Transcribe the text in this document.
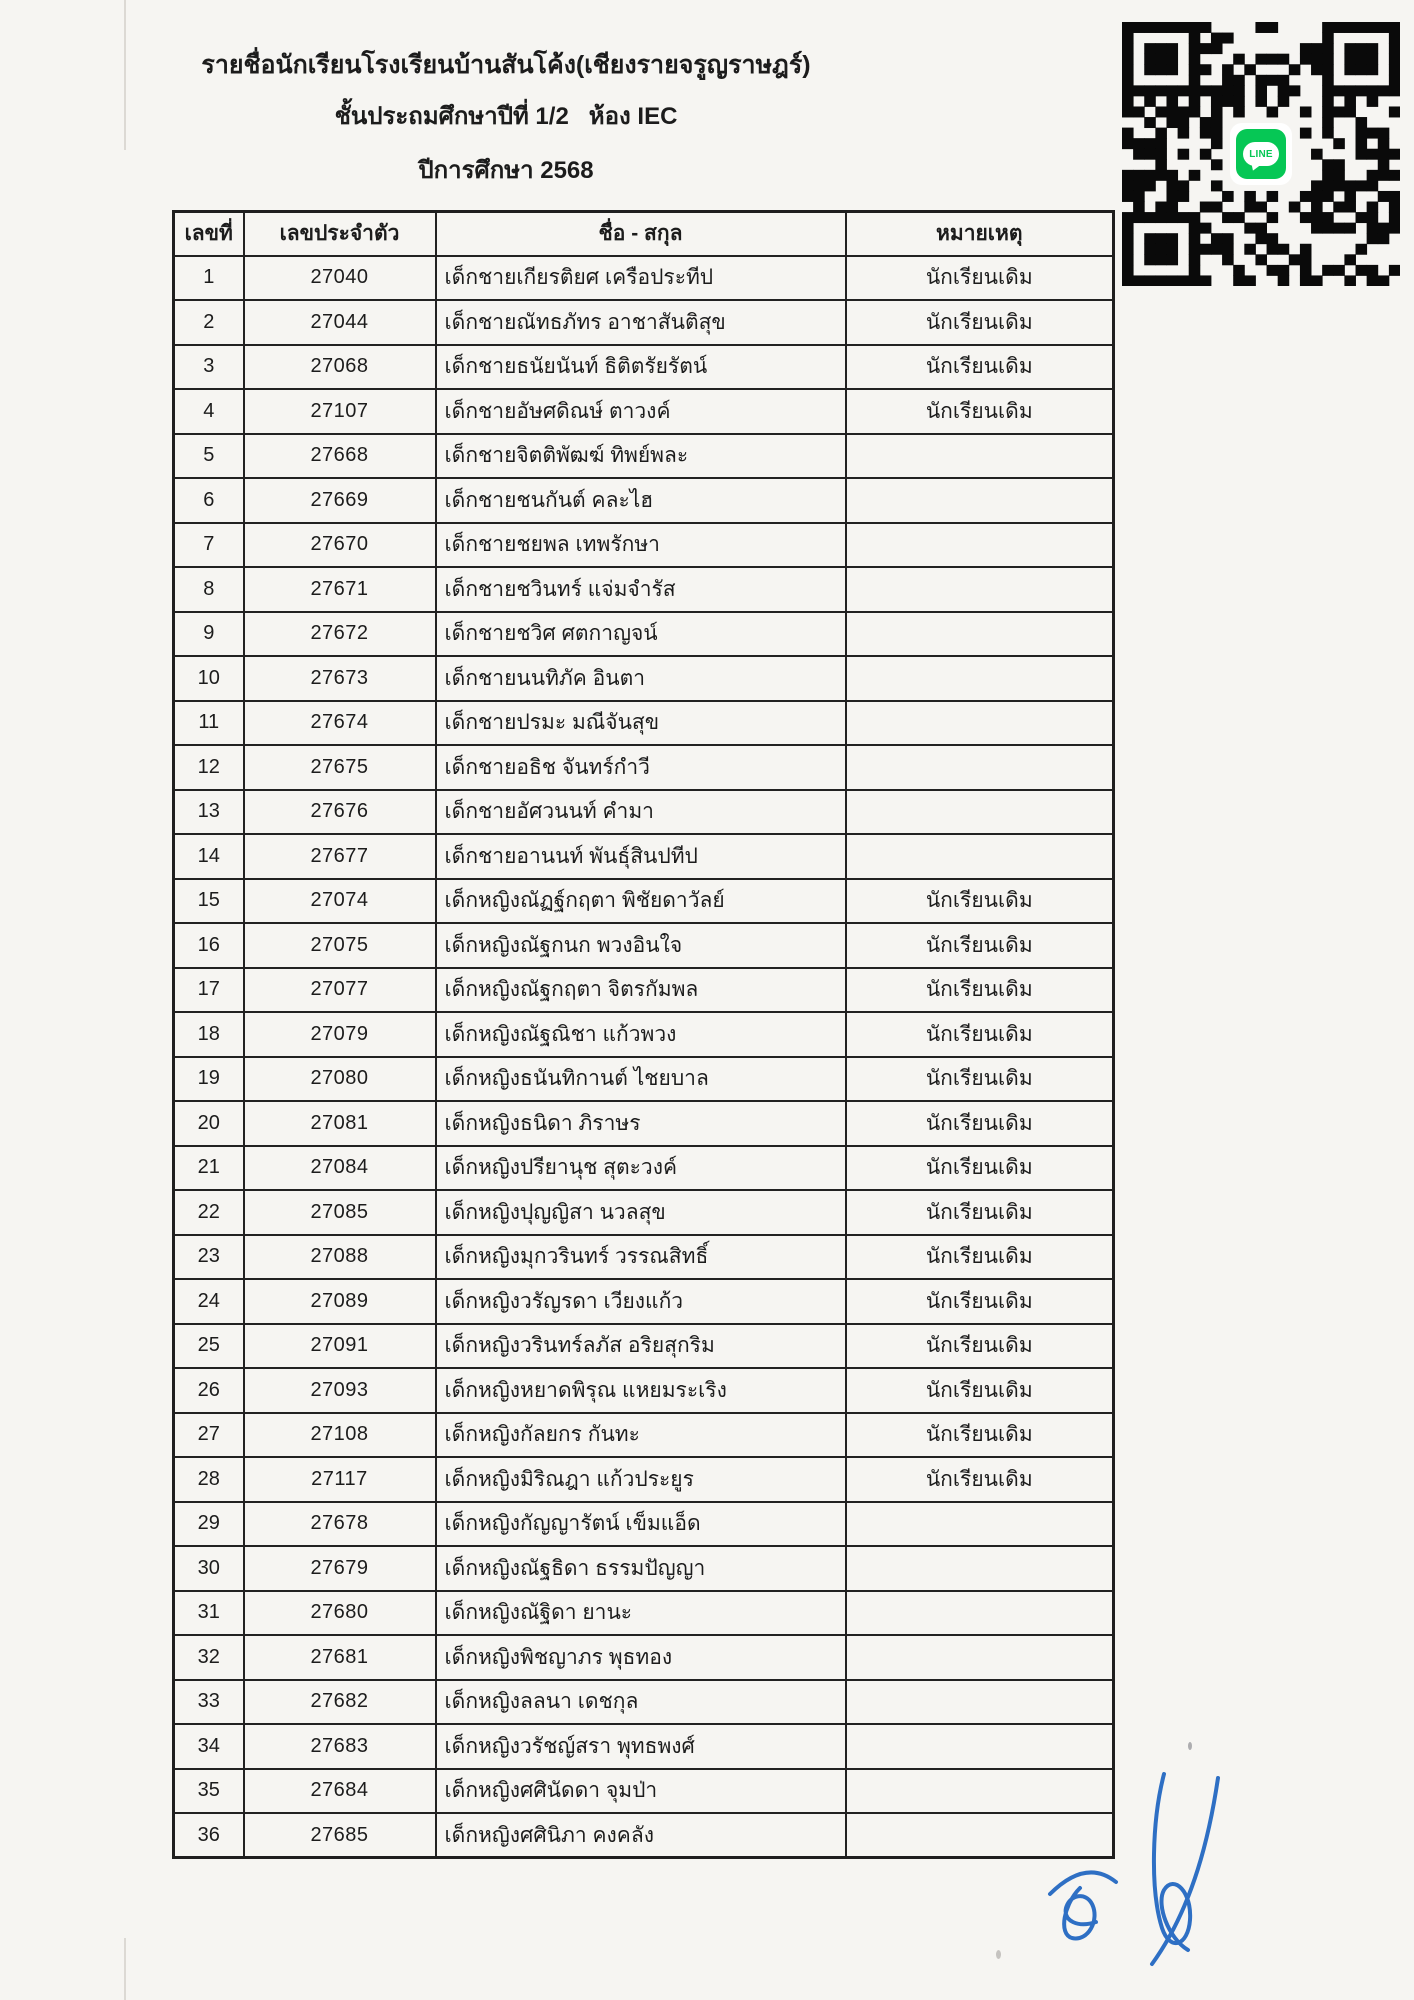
รายชื่อนักเรียนโรงเรียนบ้านสันโค้ง(เชียงรายจรูญราษฎร์)
ชั้นประถมศึกษาปีที่ 1/2   ห้อง IEC
ปีการศึกษา 2568
เลขที่	เลขประจำตัว	ชื่อ - สกุล	หมายเหตุ
1	27040	เด็กชายเกียรติยศ เครือประทีป	นักเรียนเดิม
2	27044	เด็กชายณัทธภัทร อาชาสันติสุข	นักเรียนเดิม
3	27068	เด็กชายธนัยนันท์ ธิติตรัยรัตน์	นักเรียนเดิม
4	27107	เด็กชายอัษศดิณษ์ ตาวงค์	นักเรียนเดิม
5	27668	เด็กชายจิตติพัฒฆ์ ทิพย์พละ	
6	27669	เด็กชายชนกันต์ คละไฮ	
7	27670	เด็กชายชยพล เทพรักษา	
8	27671	เด็กชายชวินทร์ แจ่มจำรัส	
9	27672	เด็กชายชวิศ ศตกาญจน์	
10	27673	เด็กชายนนทิภัค อินตา	
11	27674	เด็กชายปรมะ มณีจันสุข	
12	27675	เด็กชายอธิช จันทร์กำวี	
13	27676	เด็กชายอัศวนนท์ คำมา	
14	27677	เด็กชายอานนท์ พันธุ์สินปทีป	
15	27074	เด็กหญิงณัฏฐ์กฤตา พิชัยดาวัลย์	นักเรียนเดิม
16	27075	เด็กหญิงณัฐกนก พวงอินใจ	นักเรียนเดิม
17	27077	เด็กหญิงณัฐกฤตา จิตรกัมพล	นักเรียนเดิม
18	27079	เด็กหญิงณัฐณิชา แก้วพวง	นักเรียนเดิม
19	27080	เด็กหญิงธนันทิกานต์ ไชยบาล	นักเรียนเดิม
20	27081	เด็กหญิงธนิดา ภิราษร	นักเรียนเดิม
21	27084	เด็กหญิงปรียานุช สุตะวงค์	นักเรียนเดิม
22	27085	เด็กหญิงปุญญิสา นวลสุข	นักเรียนเดิม
23	27088	เด็กหญิงมุกวรินทร์ วรรณสิทธิ์	นักเรียนเดิม
24	27089	เด็กหญิงวรัญรดา เวียงแก้ว	นักเรียนเดิม
25	27091	เด็กหญิงวรินทร์ลภัส อริยสุกริม	นักเรียนเดิม
26	27093	เด็กหญิงหยาดพิรุณ แหยมระเริง	นักเรียนเดิม
27	27108	เด็กหญิงกัลยกร กันทะ	นักเรียนเดิม
28	27117	เด็กหญิงมิริณฎา แก้วประยูร	นักเรียนเดิม
29	27678	เด็กหญิงกัญญารัตน์ เข็มแอ็ด	
30	27679	เด็กหญิงณัฐธิดา ธรรมปัญญา	
31	27680	เด็กหญิงณัฐิดา ยานะ	
32	27681	เด็กหญิงพิชญาภร พุธทอง	
33	27682	เด็กหญิงลลนา เดชกุล	
34	27683	เด็กหญิงวรัชญ์สรา พุทธพงศ์	
35	27684	เด็กหญิงศศินัดดา จุมป่า	
36	27685	เด็กหญิงศศินิภา คงคลัง	
LINE
